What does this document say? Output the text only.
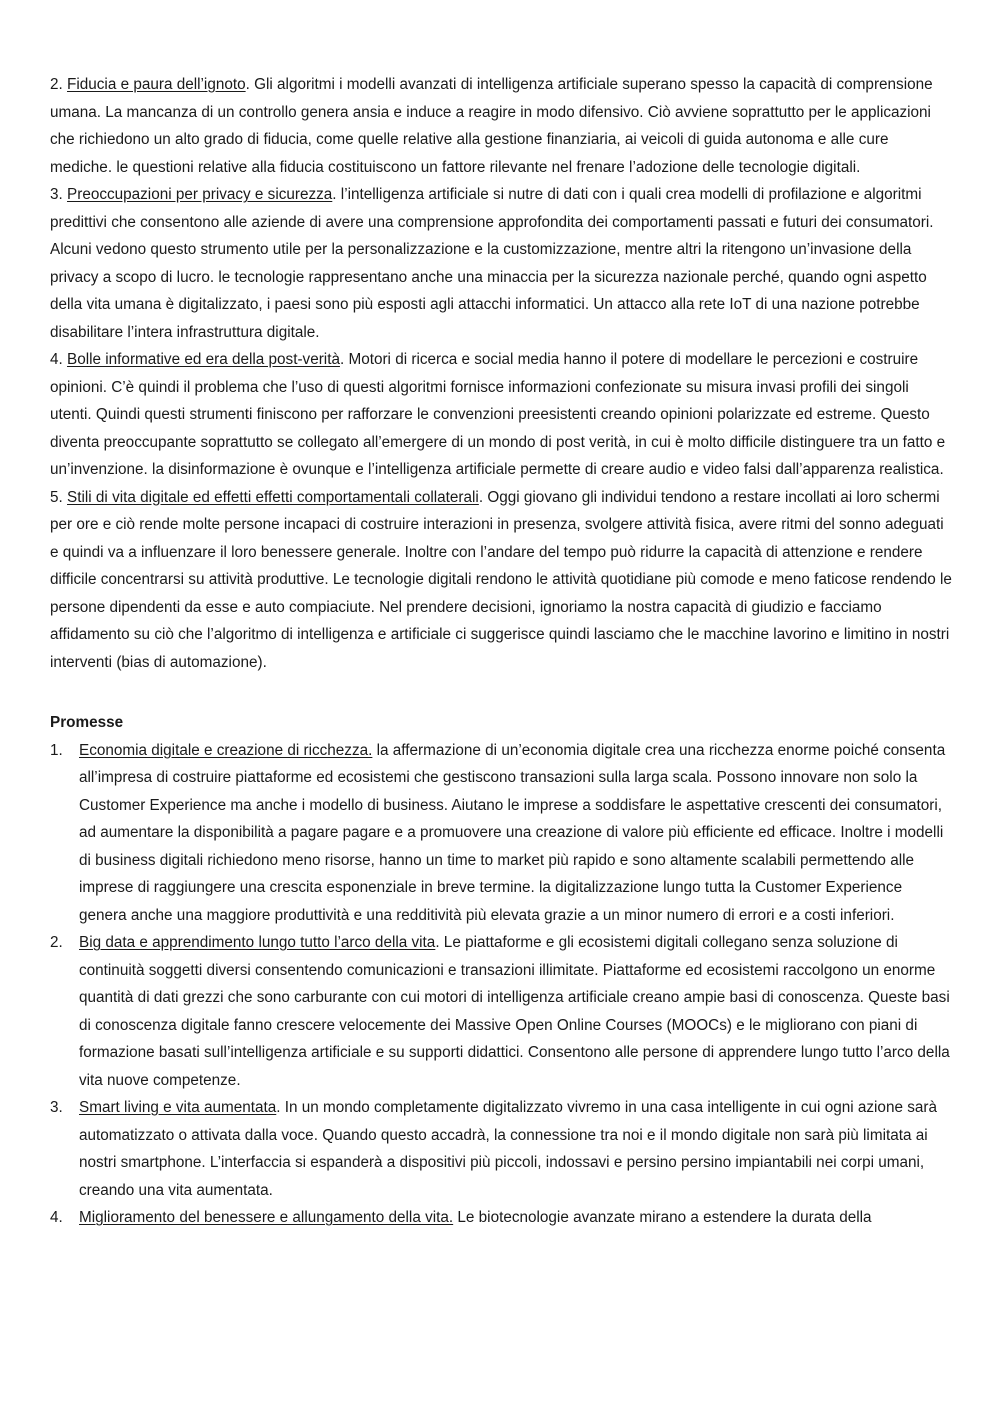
2. Fiducia e paura dell’ignoto. Gli algoritmi i modelli avanzati di intelligenza artificiale superano spesso la capacità di comprensione umana. La mancanza di un controllo genera ansia e induce a reagire in modo difensivo. Ciò avviene soprattutto per le applicazioni che richiedono un alto grado di fiducia, come quelle relative alla gestione finanziaria, ai veicoli di guida autonoma e alle cure mediche. le questioni relative alla fiducia costituiscono un fattore rilevante nel frenare l’adozione delle tecnologie digitali.

3. Preoccupazioni per privacy e sicurezza. l’intelligenza artificiale si nutre di dati con i quali crea modelli di profilazione e algoritmi predittivi che consentono alle aziende di avere una comprensione approfondita dei comportamenti passati e futuri dei consumatori. Alcuni vedono questo strumento utile per la personalizzazione e la customizzazione, mentre altri la ritengono un’invasione della privacy a scopo di lucro. le tecnologie rappresentano anche una minaccia per la sicurezza nazionale perché, quando ogni aspetto della vita umana è digitalizzato, i paesi sono più esposti agli attacchi informatici. Un attacco alla rete IoT di una nazione potrebbe disabilitare l’intera infrastruttura digitale.

4. Bolle informative ed era della post-verità. Motori di ricerca e social media hanno il potere di modellare le percezioni e costruire opinioni. C’è quindi il problema che l’uso di questi algoritmi fornisce informazioni confezionate su misura invasi profili dei singoli utenti. Quindi questi strumenti finiscono per rafforzare le convenzioni preesistenti creando opinioni polarizzate ed estreme. Questo diventa preoccupante soprattutto se collegato all’emergere di un mondo di post verità, in cui è molto difficile distinguere tra un fatto e un’invenzione. la disinformazione è ovunque e l’intelligenza artificiale permette di creare audio e video falsi dall’apparenza realistica.

5. Stili di vita digitale ed effetti effetti comportamentali collaterali. Oggi giovano gli individui tendono a restare incollati ai loro schermi per ore e ciò rende molte persone incapaci di costruire interazioni in presenza, svolgere attività fisica, avere ritmi del sonno adeguati e quindi va a influenzare il loro benessere generale. Inoltre con l’andare del tempo può ridurre la capacità di attenzione e rendere difficile concentrarsi su attività produttive. Le tecnologie digitali rendono le attività quotidiane più comode e meno faticose rendendo le persone dipendenti da esse e auto compiaciute. Nel prendere decisioni, ignoriamo la nostra capacità di giudizio e facciamo affidamento su ciò che l’algoritmo di intelligenza e artificiale ci suggerisce quindi lasciamo che le macchine lavorino e limitino in nostri interventi (bias di automazione).

Promesse

1.	Economia digitale e creazione di ricchezza. la affermazione di un’economia digitale crea una ricchezza enorme poiché consenta all’impresa di costruire piattaforme ed ecosistemi che gestiscono transazioni sulla larga scala. Possono innovare non solo la Customer Experience ma anche i modello di business. Aiutano le imprese a soddisfare le aspettative crescenti dei consumatori, ad aumentare la disponibilità a pagare pagare e a promuovere una creazione di valore più efficiente ed efficace. Inoltre i modelli di business digitali richiedono meno risorse, hanno un time to market più rapido e sono altamente scalabili permettendo alle imprese di raggiungere una crescita esponenziale in breve termine. la digitalizzazione lungo tutta la Customer Experience genera anche una maggiore produttività e una redditività più elevata grazie a un minor numero di errori e a costi inferiori.
2.	Big data e apprendimento lungo tutto l’arco della vita. Le piattaforme e gli ecosistemi digitali collegano senza soluzione di continuità soggetti diversi consentendo comunicazioni e transazioni illimitate. Piattaforme ed ecosistemi raccolgono un enorme quantità di dati grezzi che sono carburante con cui motori di intelligenza artificiale creano ampie basi di conoscenza. Queste basi di conoscenza digitale fanno crescere velocemente dei Massive Open Online Courses (MOOCs) e le migliorano con piani di formazione basati sull’intelligenza artificiale e su supporti didattici. Consentono alle persone di apprendere lungo tutto l’arco della vita nuove competenze.
3.	Smart living e vita aumentata. In un mondo completamente digitalizzato vivremo in una casa intelligente in cui ogni azione sarà automatizzato o attivata dalla voce. Quando questo accadrà, la connessione tra noi e il mondo digitale non sarà più limitata ai nostri smartphone. L’interfaccia si espanderà a dispositivi più piccoli, indossavi e persino persino impiantabili nei corpi umani, creando una vita aumentata.
4.	Miglioramento del benessere e allungamento della vita. Le biotecnologie avanzate mirano a estendere la durata della
